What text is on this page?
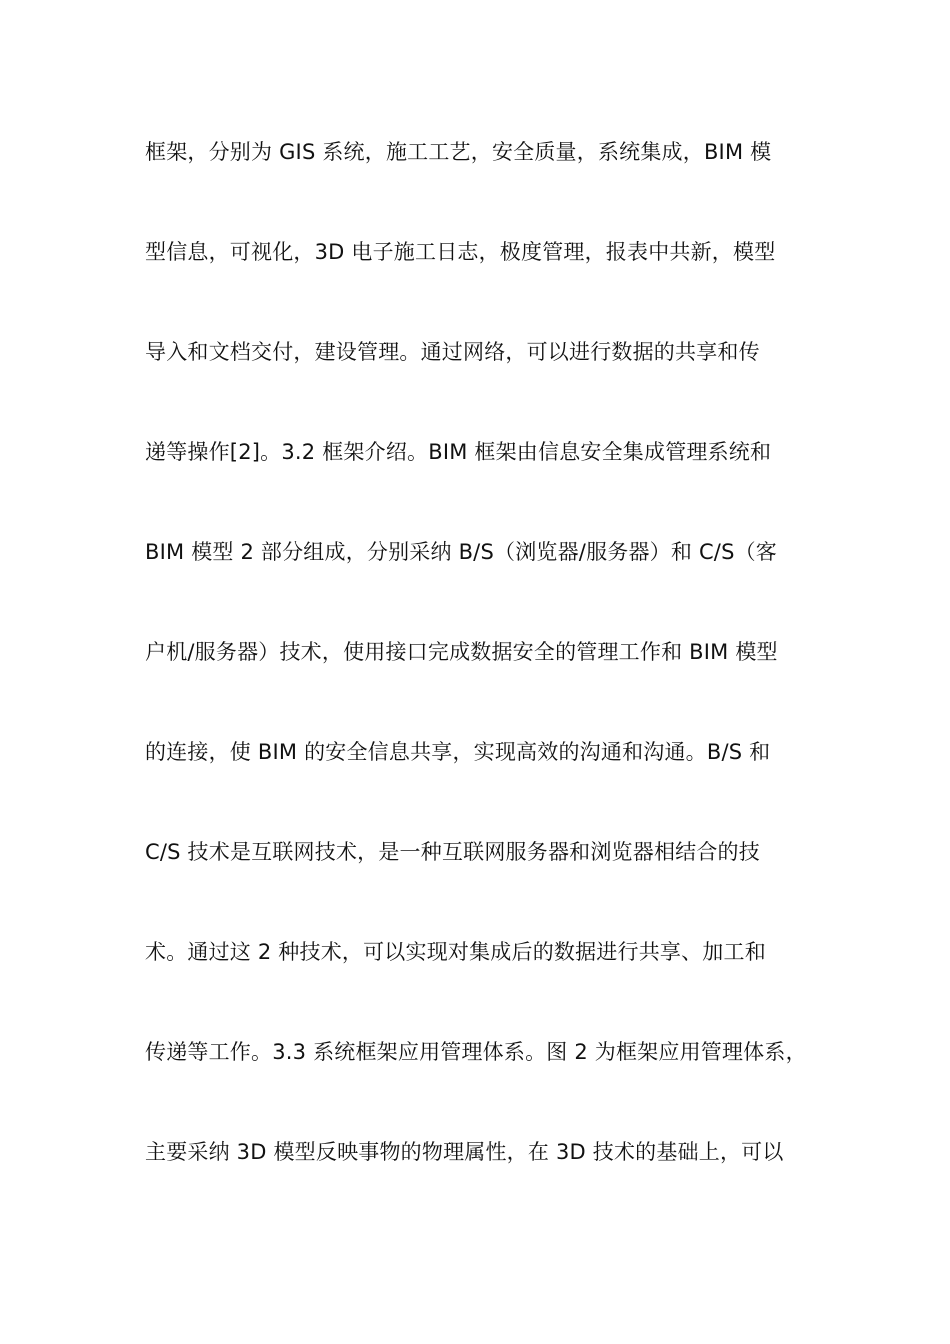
框架，分别为 GIS 系统，施工工艺，安全质量，系统集成，BIM 模
型信息，可视化，3D 电子施工日志，极度管理，报表中共新，模型
导入和文档交付，建设管理。通过网络，可以进行数据的共享和传
递等操作[2]。3.2 框架介绍。BIM 框架由信息安全集成管理系统和
BIM 模型 2 部分组成，分别采纳 B/S（浏览器/服务器）和 C/S（客
户机/服务器）技术，使用接口完成数据安全的管理工作和 BIM 模型
的连接，使 BIM 的安全信息共享，实现高效的沟通和沟通。B/S 和
C/S 技术是互联网技术，是一种互联网服务器和浏览器相结合的技
术。通过这 2 种技术，可以实现对集成后的数据进行共享、加工和
传递等工作。3.3 系统框架应用管理体系。图 2 为框架应用管理体系，
主要采纳 3D 模型反映事物的物理属性，在 3D 技术的基础上，可以
